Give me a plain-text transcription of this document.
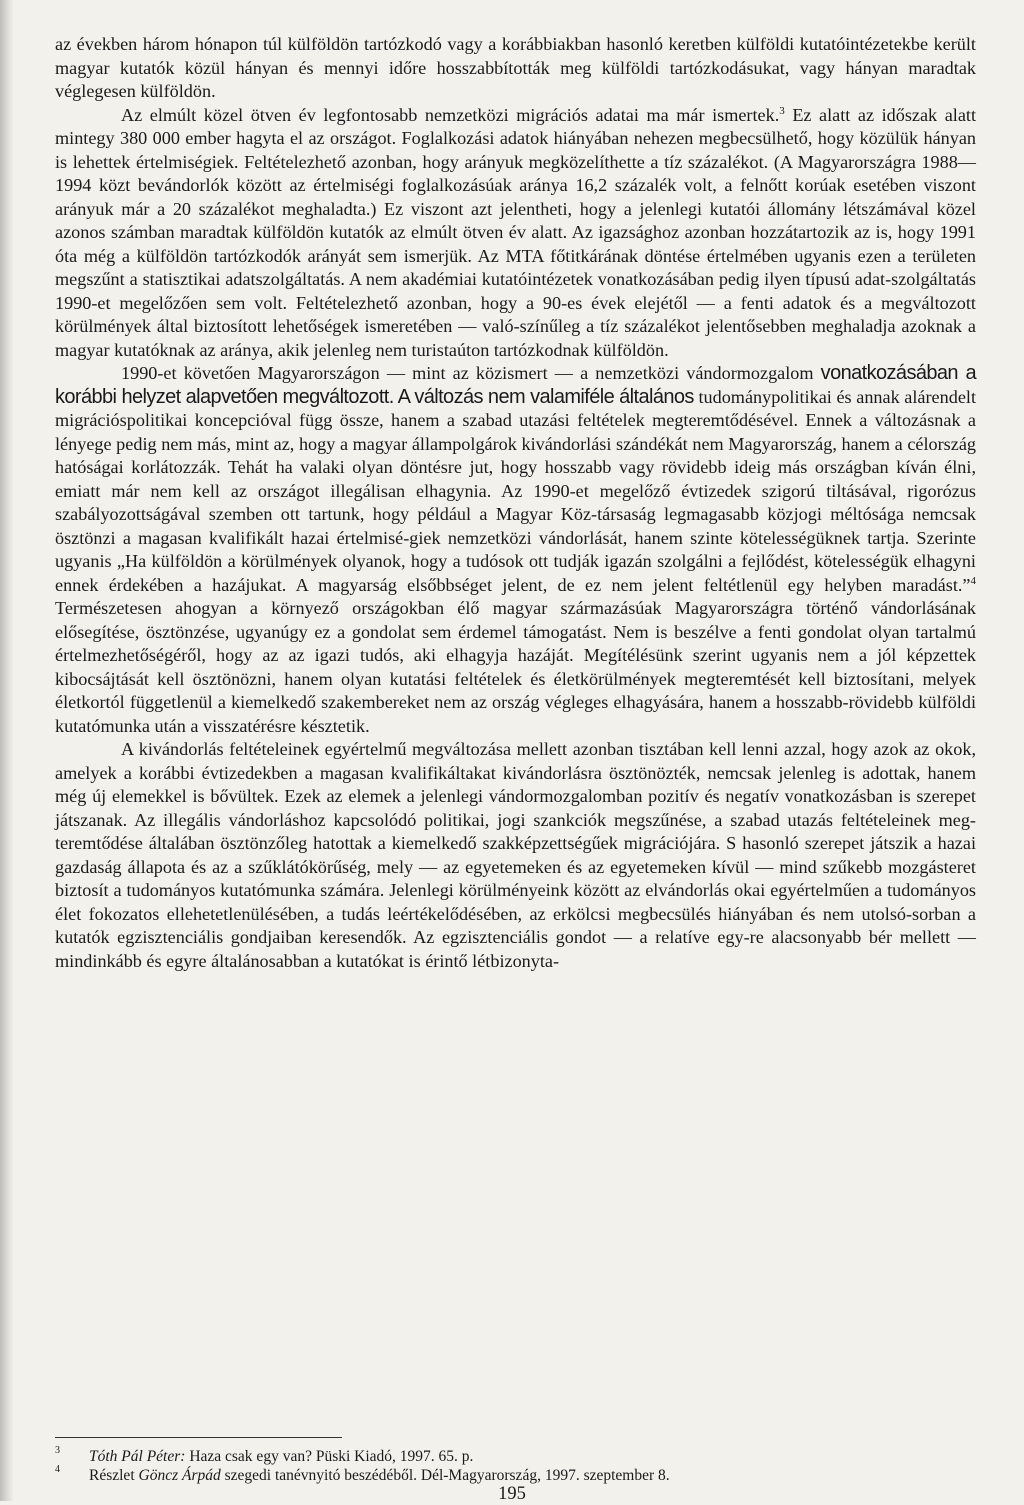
az években három hónapon túl külföldön tartózkodó vagy a korábbiakban hasonló keretben külföldi kutatóintézetekbe került magyar kutatók közül hányan és mennyi időre hosszabbították meg külföldi tartózkodásukat, vagy hányan maradtak véglegesen külföldön.

Az elmúlt közel ötven év legfontosabb nemzetközi migrációs adatai ma már ismertek.$^3$ Ez alatt az időszak alatt mintegy 380 000 ember hagyta el az országot. Foglalkozási adatok hiányában nehezen megbecsülhető, hogy közülük hányan is lehettek értelmiségiek. Feltételezhető azonban, hogy arányuk megközelíthette a tíz százalékot. (A Magyarországra 1988—1994 közt bevándorlók között az értelmiségi foglalkozásúak aránya 16,2 százalék volt, a felnőtt korúak esetében viszont arányuk már a 20 százalékot meghaladta.) Ez viszont azt jelentheti, hogy a jelenlegi kutatói állomány létszámával közel azonos számban maradtak külföldön kutatók az elmúlt ötven év alatt. Az igazsághoz azonban hozzátartozik az is, hogy 1991 óta még a külföldön tartózkodók arányát sem ismerjük. Az MTA főtitkárának döntése értelmében ugyanis ezen a területen megszűnt a statisztikai adatszolgáltatás. A nem akadémiai kutatóintézetek vonatkozásában pedig ilyen típusú adat-szolgáltatás 1990-et megelőzően sem volt. Feltételezhető azonban, hogy a 90-es évek elejétől — a fenti adatok és a megváltozott körülmények által biztosított lehetőségek ismeretében — való-színűleg a tíz százalékot jelentősebben meghaladja azoknak a magyar kutatóknak az aránya, akik jelenleg nem turistaúton tartózkodnak külföldön.

1990-et követően Magyarországon — mint az közismert — a nemzetközi vándormozgalom vonatkozásában a korábbi helyzet alapvetően megváltozott. A változás nem valamiféle általános tudománypolitikai és annak alárendelt migrációspolitikai koncepcióval függ össze, hanem a szabad utazási feltételek megteremtődésével. Ennek a változásnak a lényege pedig nem más, mint az, hogy a magyar állampolgárok kivándorlási szándékát nem Magyarország, hanem a célország hatóságai korlátozzák. Tehát ha valaki olyan döntésre jut, hogy hosszabb vagy rövidebb ideig más országban kíván élni, emiatt már nem kell az országot illegálisan elhagynia. Az 1990-et megelőző évtizedek szigorú tiltásával, rigorózus szabályozottságával szemben ott tartunk, hogy például a Magyar Köz-társaság legmagasabb közjogi méltósága nemcsak ösztönzi a magasan kvalifikált hazai értelmisé-giek nemzetközi vándorlását, hanem szinte kötelességüknek tartja. Szerinte ugyanis „Ha külföldön a körülmények olyanok, hogy a tudósok ott tudják igazán szolgálni a fejlődést, kötelességük elhagyni ennek érdekében a hazájukat. A magyarság elsőbbséget jelent, de ez nem jelent feltétlenül egy helyben maradást.”$^4$ Természetesen ahogyan a környező országokban élő magyar származásúak Magyarországra történő vándorlásának elősegítése, ösztönzése, ugyanúgy ez a gondolat sem érdemel támogatást. Nem is beszélve a fenti gondolat olyan tartalmú értelmezhetőségéről, hogy az az igazi tudós, aki elhagyja hazáját. Megítélésünk szerint ugyanis nem a jól képzettek kibocsájtását kell ösztönözni, hanem olyan kutatási feltételek és életkörülmények megteremtését kell biztosítani, melyek életkortól függetlenül a kiemelkedő szakembereket nem az ország végleges elhagyására, hanem a hosszabb-rövidebb külföldi kutatómunka után a visszatérésre késztetik.

A kivándorlás feltételeinek egyértelmű megváltozása mellett azonban tisztában kell lenni azzal, hogy azok az okok, amelyek a korábbi évtizedekben a magasan kvalifikáltakat kivándorlásra ösztönözték, nemcsak jelenleg is adottak, hanem még új elemekkel is bővültek. Ezek az elemek a jelenlegi vándormozgalomban pozitív és negatív vonatkozásban is szerepet játszanak. Az illegális vándorláshoz kapcsolódó politikai, jogi szankciók megszűnése, a szabad utazás feltételeinek meg-teremtődése általában ösztönzőleg hatottak a kiemelkedő szakképzettségűek migrációjára. S hasonló szerepet játszik a hazai gazdaság állapota és az a szűklátókörűség, mely — az egyetemeken és az egyetemeken kívül — mind szűkebb mozgásteret biztosít a tudományos kutatómunka számára. Jelenlegi körülményeink között az elvándorlás okai egyértelműen a tudományos élet fokozatos ellehetetlenülésében, a tudás leértékelődésében, az erkölcsi megbecsülés hiányában és nem utolsó-sorban a kutatók egzisztenciális gondjaiban keresendők. Az egzisztenciális gondot — a relatíve egy-re alacsonyabb bér mellett — mindinkább és egyre általánosabban a kutatókat is érintő létbizonyta-

3	Tóth Pál Péter: Haza csak egy van? Püski Kiadó, 1997. 65. p.

4	Részlet Göncz Árpád szegedi tanévnyitó beszédéből. Dél-Magyarország, 1997. szeptember 8.

195
